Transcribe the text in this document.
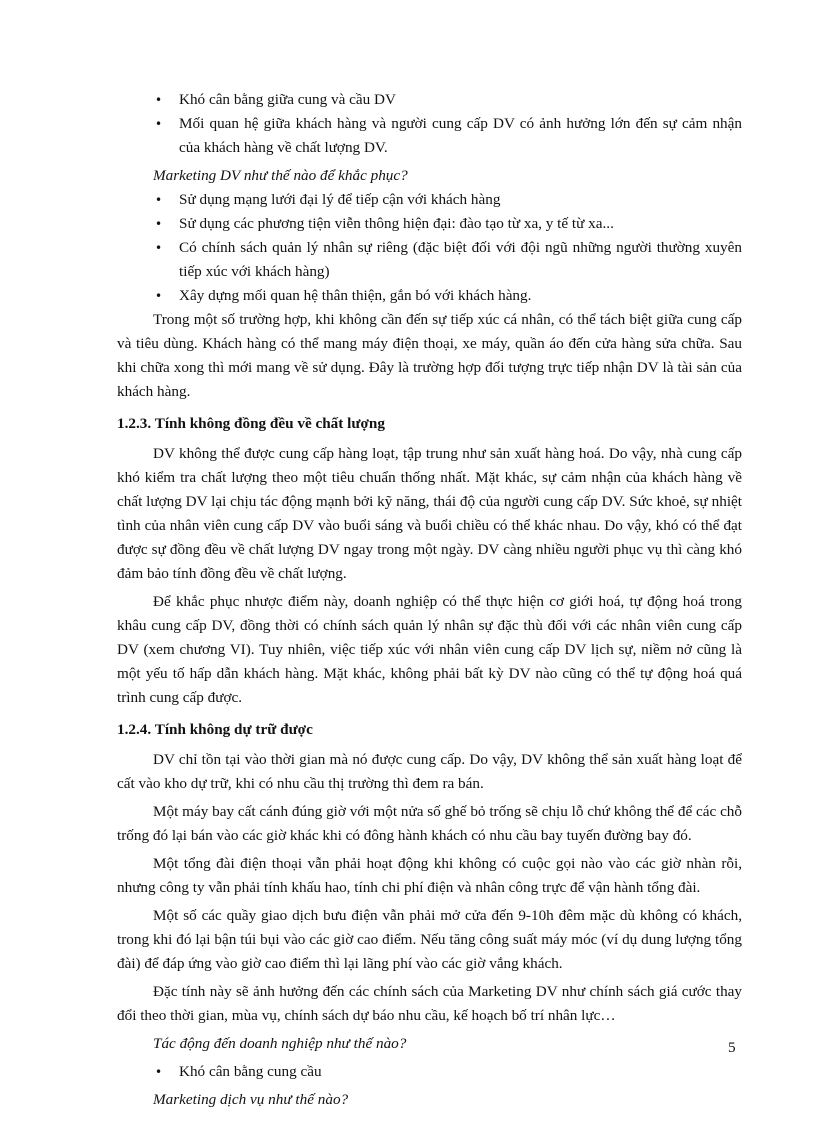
• Khó cân bằng giữa cung và cầu DV
• Mối quan hệ giữa khách hàng và người cung cấp DV có ảnh hưởng lớn đến sự cảm nhận của khách hàng về chất lượng DV.
Marketing DV như thế nào để khắc phục?
• Sử dụng mạng lưới đại lý để tiếp cận với khách hàng
• Sử dụng các phương tiện viễn thông hiện đại: đào tạo từ xa, y tế từ xa...
• Có chính sách quản lý nhân sự riêng (đặc biệt đối với đội ngũ những người thường xuyên tiếp xúc với khách hàng)
• Xây dựng mối quan hệ thân thiện, gắn bó với khách hàng.

Trong một số trường hợp, khi không cần đến sự tiếp xúc cá nhân, có thể tách biệt giữa cung cấp và tiêu dùng. Khách hàng có thể mang máy điện thoại, xe máy, quần áo đến cửa hàng sửa chữa. Sau khi chữa xong thì mới mang về sử dụng. Đây là trường hợp đối tượng trực tiếp nhận DV là tài sản của khách hàng.

1.2.3. Tính không đồng đều về chất lượng

DV không thể được cung cấp hàng loạt, tập trung như sản xuất hàng hoá. Do vậy, nhà cung cấp khó kiểm tra chất lượng theo một tiêu chuẩn thống nhất. Mặt khác, sự cảm nhận của khách hàng về chất lượng DV lại chịu tác động mạnh bởi kỹ năng, thái độ của người cung cấp DV. Sức khoẻ, sự nhiệt tình của nhân viên cung cấp DV vào buổi sáng và buổi chiều có thể khác nhau. Do vậy, khó có thể đạt được sự đồng đều về chất lượng DV ngay trong một ngày. DV càng nhiều người phục vụ thì càng khó đảm bảo tính đồng đều về chất lượng.

Để khắc phục nhược điểm này, doanh nghiệp có thể thực hiện cơ giới hoá, tự động hoá trong khâu cung cấp DV, đồng thời có chính sách quản lý nhân sự đặc thù đối với các nhân viên cung cấp DV (xem chương VI). Tuy nhiên, việc tiếp xúc với nhân viên cung cấp DV lịch sự, niềm nở cũng là một yếu tố hấp dẫn khách hàng. Mặt khác, không phải bất kỳ DV nào cũng có thể tự động hoá quá trình cung cấp được.

1.2.4. Tính không dự trữ được

DV chỉ tồn tại vào thời gian mà nó được cung cấp. Do vậy, DV không thể sản xuất hàng loạt để cất vào kho dự trữ, khi có nhu cầu thị trường thì đem ra bán.

Một máy bay cất cánh đúng giờ với một nửa số ghế bỏ trống sẽ chịu lỗ chứ không thể để các chỗ trống đó lại bán vào các giờ khác khi có đông hành khách có nhu cầu bay tuyến đường bay đó.

Một tổng đài điện thoại vẫn phải hoạt động khi không có cuộc gọi nào vào các giờ nhàn rỗi, nhưng công ty vẫn phải tính khấu hao, tính chi phí điện và nhân công trực để vận hành tổng đài.

Một số các quầy giao dịch bưu điện vẫn phải mở cửa đến 9-10h đêm mặc dù không có khách, trong khi đó lại bận túi bụi vào các giờ cao điểm. Nếu tăng công suất máy móc (ví dụ dung lượng tổng đài) để đáp ứng vào giờ cao điểm thì lại lãng phí vào các giờ vắng khách.

Đặc tính này sẽ ảnh hưởng đến các chính sách của Marketing DV như chính sách giá cước thay đổi theo thời gian, mùa vụ, chính sách dự báo nhu cầu, kế hoạch bố trí nhân lực…

Tác động đến doanh nghiệp như thế nào?
• Khó cân bằng cung cầu
Marketing dịch vụ như thế nào?
5
